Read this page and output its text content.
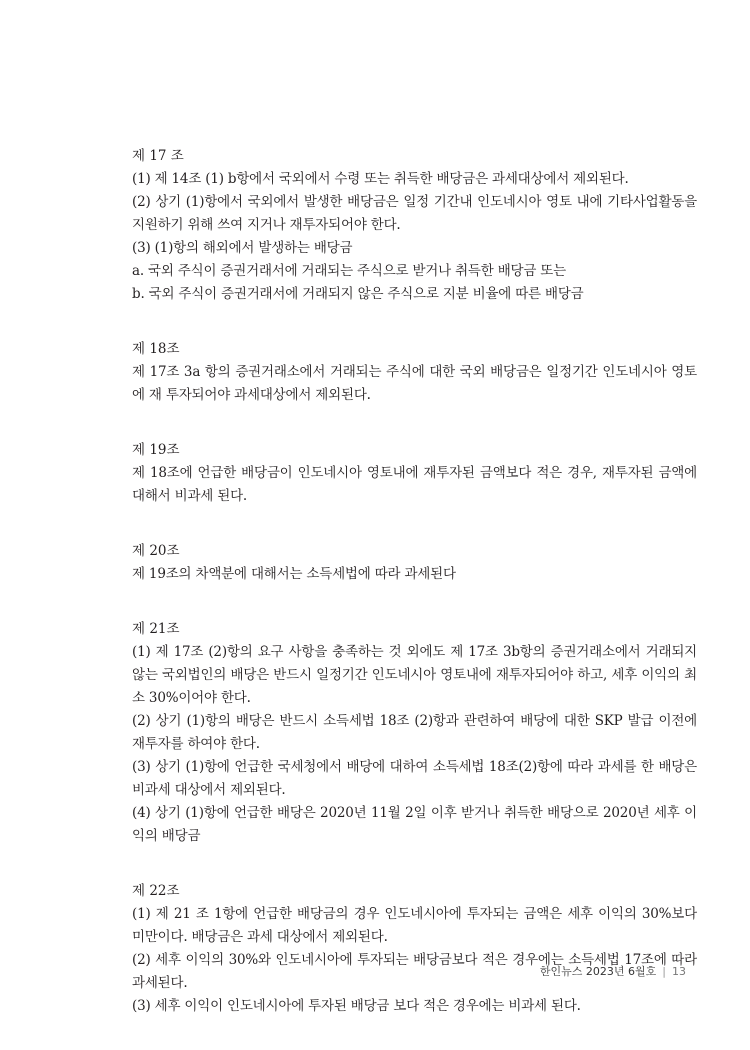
제 17 조

(1) 제 14조 (1) b항에서 국외에서 수령 또는 취득한 배당금은 과세대상에서 제외된다.

(2) 상기 (1)항에서 국외에서 발생한 배당금은 일정 기간내 인도네시아 영토 내에 기타사업활동을 지원하기 위해 쓰여 지거나 재투자되어야 한다.

(3) (1)항의 해외에서 발생하는 배당금

a. 국외 주식이 증권거래서에 거래되는 주식으로 받거나 취득한 배당금 또는

b. 국외 주식이 증권거래서에 거래되지 않은 주식으로 지분 비율에 따른 배당금

제 18조

제 17조 3a 항의 증권거래소에서 거래되는 주식에 대한 국외 배당금은 일정기간 인도네시아 영토에 재 투자되어야 과세대상에서 제외된다.

제 19조

제 18조에 언급한 배당금이 인도네시아 영토내에 재투자된 금액보다 적은 경우, 재투자된 금액에 대해서 비과세 된다.

제 20조

제 19조의 차액분에 대해서는 소득세법에 따라 과세된다

제 21조

(1) 제 17조 (2)항의 요구 사항을 충족하는 것 외에도 제 17조 3b항의 증권거래소에서 거래되지 않는 국외법인의 배당은 반드시 일정기간 인도네시아 영토내에 재투자되어야 하고, 세후 이익의 최소 30%이어야 한다.

(2) 상기 (1)항의 배당은 반드시 소득세법 18조 (2)항과 관련하여 배당에 대한 SKP 발급 이전에 재투자를 하여야 한다.

(3) 상기 (1)항에 언급한 국세청에서 배당에 대하여 소득세법 18조(2)항에 따라 과세를 한 배당은 비과세 대상에서 제외된다.

(4) 상기 (1)항에 언급한 배당은 2020년 11월 2일 이후 받거나 취득한 배당으로 2020년 세후 이익의 배당금

제 22조

(1) 제 21 조 1항에 언급한 배당금의 경우 인도네시아에 투자되는 금액은 세후 이익의 30%보다 미만이다. 배당금은 과세 대상에서 제외된다.

(2) 세후 이익의 30%와 인도네시아에 투자되는 배당금보다 적은 경우에는 소득세법 17조에 따라 과세된다.

(3) 세후 이익이 인도네시아에 투자된 배당금 보다 적은 경우에는 비과세 된다.

한인뉴스 2023년 6월호 | 13
